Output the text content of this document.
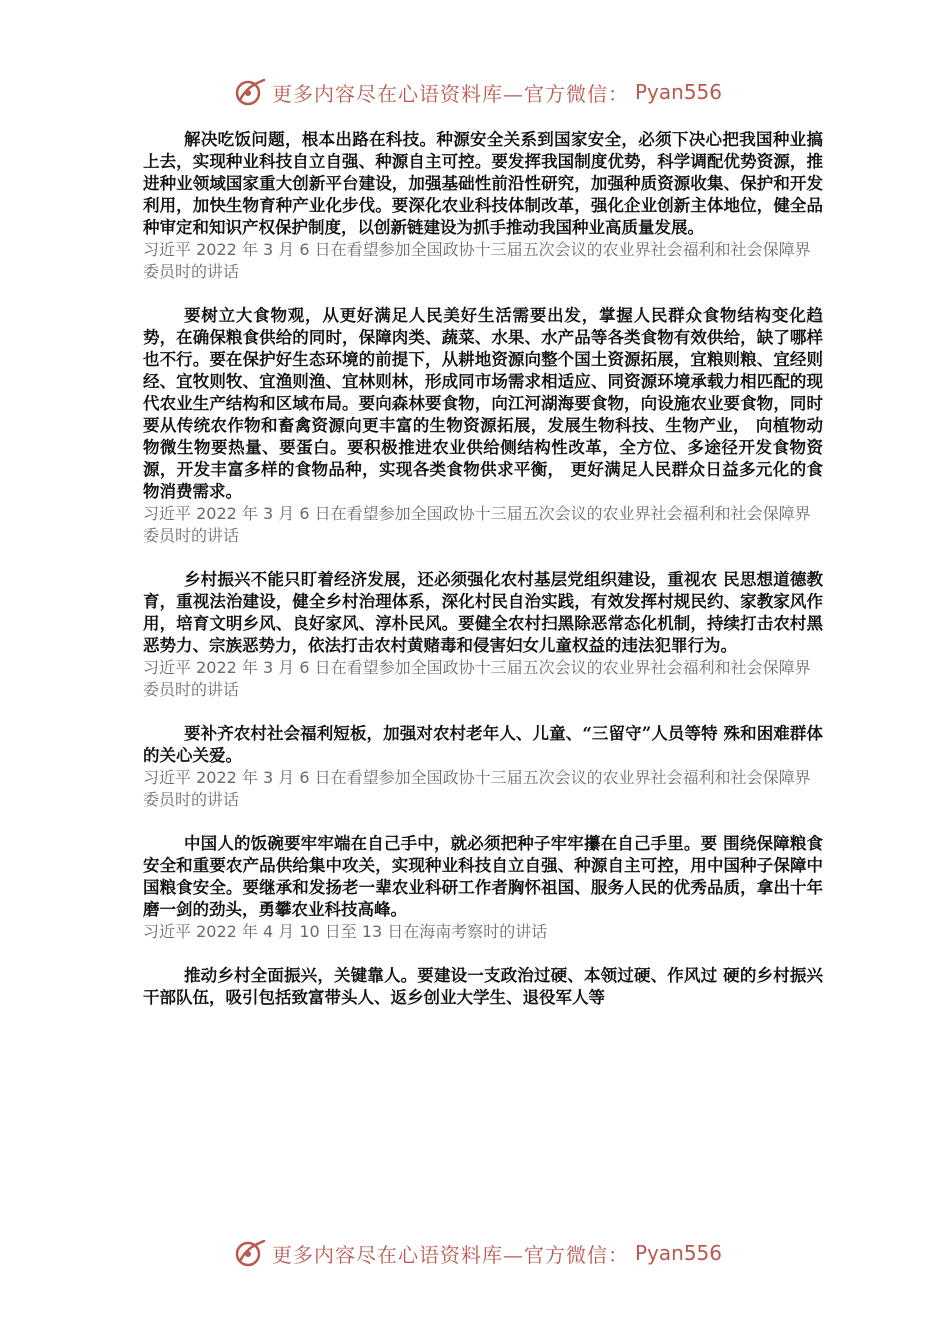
更多内容尽在心语资料库—官方微信： Pyan556

解决吃饭问题，根本出路在科技。种源安全关系到国家安全，必须下决心把我国种业搞上去，实现种业科技自立自强、种源自主可控。要发挥我国制度优势，科学调配优势资源，推进种业领域国家重大创新平台建设，加强基础性前沿性研究，加强种质资源收集、保护和开发利用，加快生物育种产业化步伐。要深化农业科技体制改革，强化企业创新主体地位，健全品种审定和知识产权保护制度，以创新链建设为抓手推动我国种业高质量发展。

习近平 2022 年 3 月 6 日在看望参加全国政协十三届五次会议的农业界社会福利和社会保障界委员时的讲话

要树立大食物观，从更好满足人民美好生活需要出发，掌握人民群众食物结构变化趋势，在确保粮食供给的同时，保障肉类、蔬菜、水果、水产品等各类食物有效供给，缺了哪样也不行。要在保护好生态环境的前提下，从耕地资源向整个国土资源拓展，宜粮则粮、宜经则经、宜牧则牧、宜渔则渔、宜林则林，形成同市场需求相适应、同资源环境承载力相匹配的现代农业生产结构和区域布局。要向森林要食物，向江河湖海要食物，向设施农业要食物，同时要从传统农作物和畜禽资源向更丰富的生物资源拓展，发展生物科技、生物产业， 向植物动物微生物要热量、要蛋白。要积极推进农业供给侧结构性改革，全方位、多途径开发食物资源，开发丰富多样的食物品种，实现各类食物供求平衡， 更好满足人民群众日益多元化的食物消费需求。

习近平 2022 年 3 月 6 日在看望参加全国政协十三届五次会议的农业界社会福利和社会保障界委员时的讲话

乡村振兴不能只盯着经济发展，还必须强化农村基层党组织建设，重视农 民思想道德教育，重视法治建设，健全乡村治理体系，深化村民自治实践，有效发挥村规民约、家教家风作用，培育文明乡风、良好家风、淳朴民风。要健全农村扫黑除恶常态化机制，持续打击农村黑恶势力、宗族恶势力，依法打击农村黄赌毒和侵害妇女儿童权益的违法犯罪行为。

习近平 2022 年 3 月 6 日在看望参加全国政协十三届五次会议的农业界社会福利和社会保障界委员时的讲话

要补齐农村社会福利短板，加强对农村老年人、儿童、“三留守”人员等特 殊和困难群体的关心关爱。

习近平 2022 年 3 月 6 日在看望参加全国政协十三届五次会议的农业界社会福利和社会保障界委员时的讲话

中国人的饭碗要牢牢端在自己手中，就必须把种子牢牢攥在自己手里。要 围绕保障粮食安全和重要农产品供给集中攻关，实现种业科技自立自强、种源自主可控，用中国种子保障中国粮食安全。要继承和发扬老一辈农业科研工作者胸怀祖国、服务人民的优秀品质，拿出十年磨一剑的劲头，勇攀农业科技高峰。

习近平 2022 年 4 月 10 日至 13 日在海南考察时的讲话

推动乡村全面振兴，关键靠人。要建设一支政治过硬、本领过硬、作风过 硬的乡村振兴干部队伍，吸引包括致富带头人、返乡创业大学生、退役军人等

更多内容尽在心语资料库—官方微信： Pyan556
